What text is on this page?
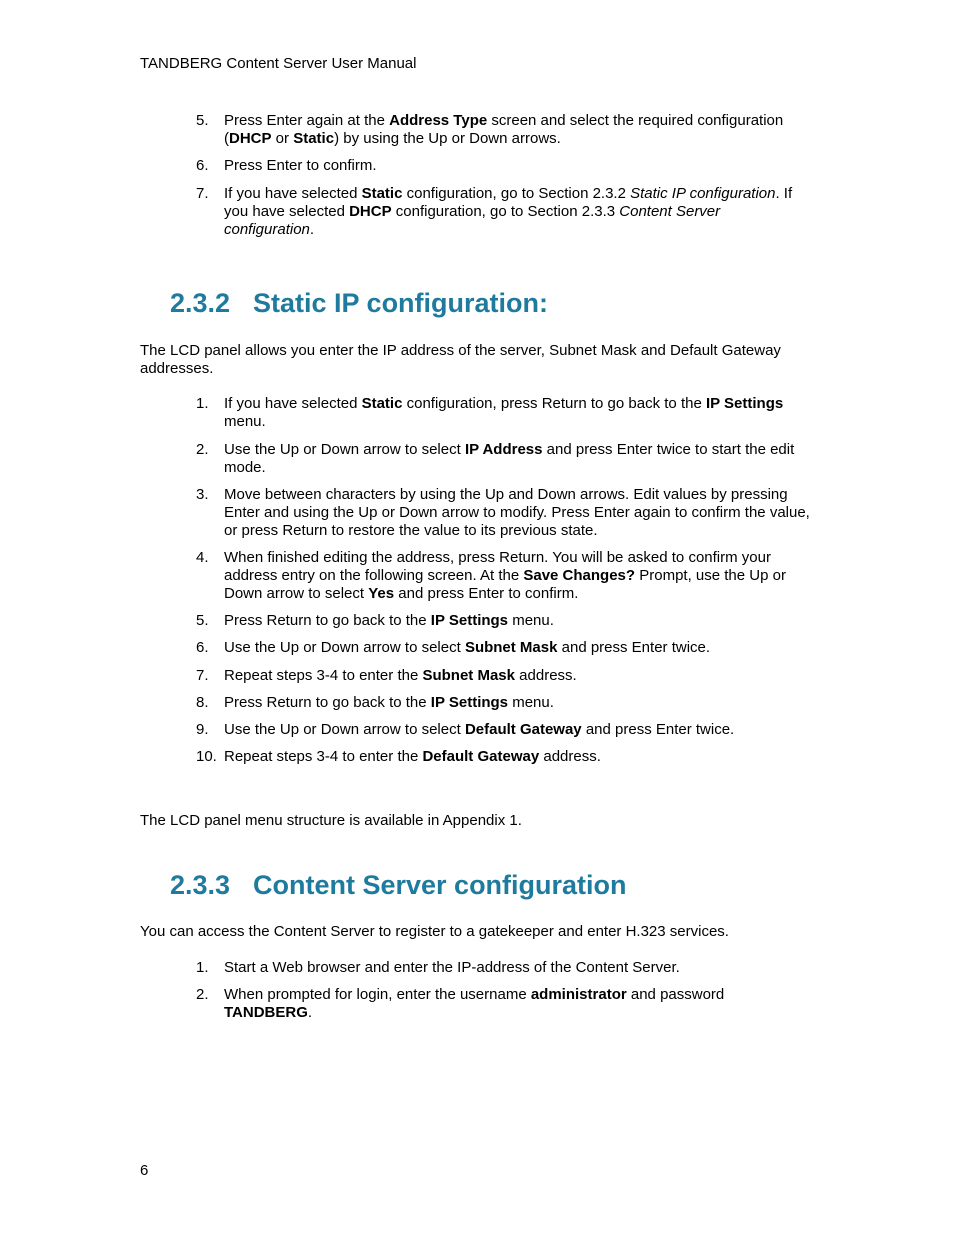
TANDBERG Content Server User Manual
5.	Press Enter again at the Address Type screen and select the required configuration (DHCP or Static) by using the Up or Down arrows.
6.	Press Enter to confirm.
7.	If you have selected Static configuration, go to Section 2.3.2 Static IP configuration. If you have selected DHCP configuration, go to Section 2.3.3 Content Server configuration.
2.3.2 Static IP configuration:
The LCD panel allows you enter the IP address of the server, Subnet Mask and Default Gateway addresses.
1.	If you have selected Static configuration, press Return to go back to the IP Settings menu.
2.	Use the Up or Down arrow to select IP Address and press Enter twice to start the edit mode.
3.	Move between characters by using the Up and Down arrows. Edit values by pressing Enter and using the Up or Down arrow to modify. Press Enter again to confirm the value, or press Return to restore the value to its previous state.
4.	When finished editing the address, press Return. You will be asked to confirm your address entry on the following screen. At the Save Changes? Prompt, use the Up or Down arrow to select Yes and press Enter to confirm.
5.	Press Return to go back to the IP Settings menu.
6.	Use the Up or Down arrow to select Subnet Mask and press Enter twice.
7.	Repeat steps 3-4 to enter the Subnet Mask address.
8.	Press Return to go back to the IP Settings menu.
9.	Use the Up or Down arrow to select Default Gateway and press Enter twice.
10. Repeat steps 3-4 to enter the Default Gateway address.
The LCD panel menu structure is available in Appendix 1.
2.3.3 Content Server configuration
You can access the Content Server to register to a gatekeeper and enter H.323 services.
1.	Start a Web browser and enter the IP-address of the Content Server.
2.	When prompted for login, enter the username administrator and password TANDBERG.
6
